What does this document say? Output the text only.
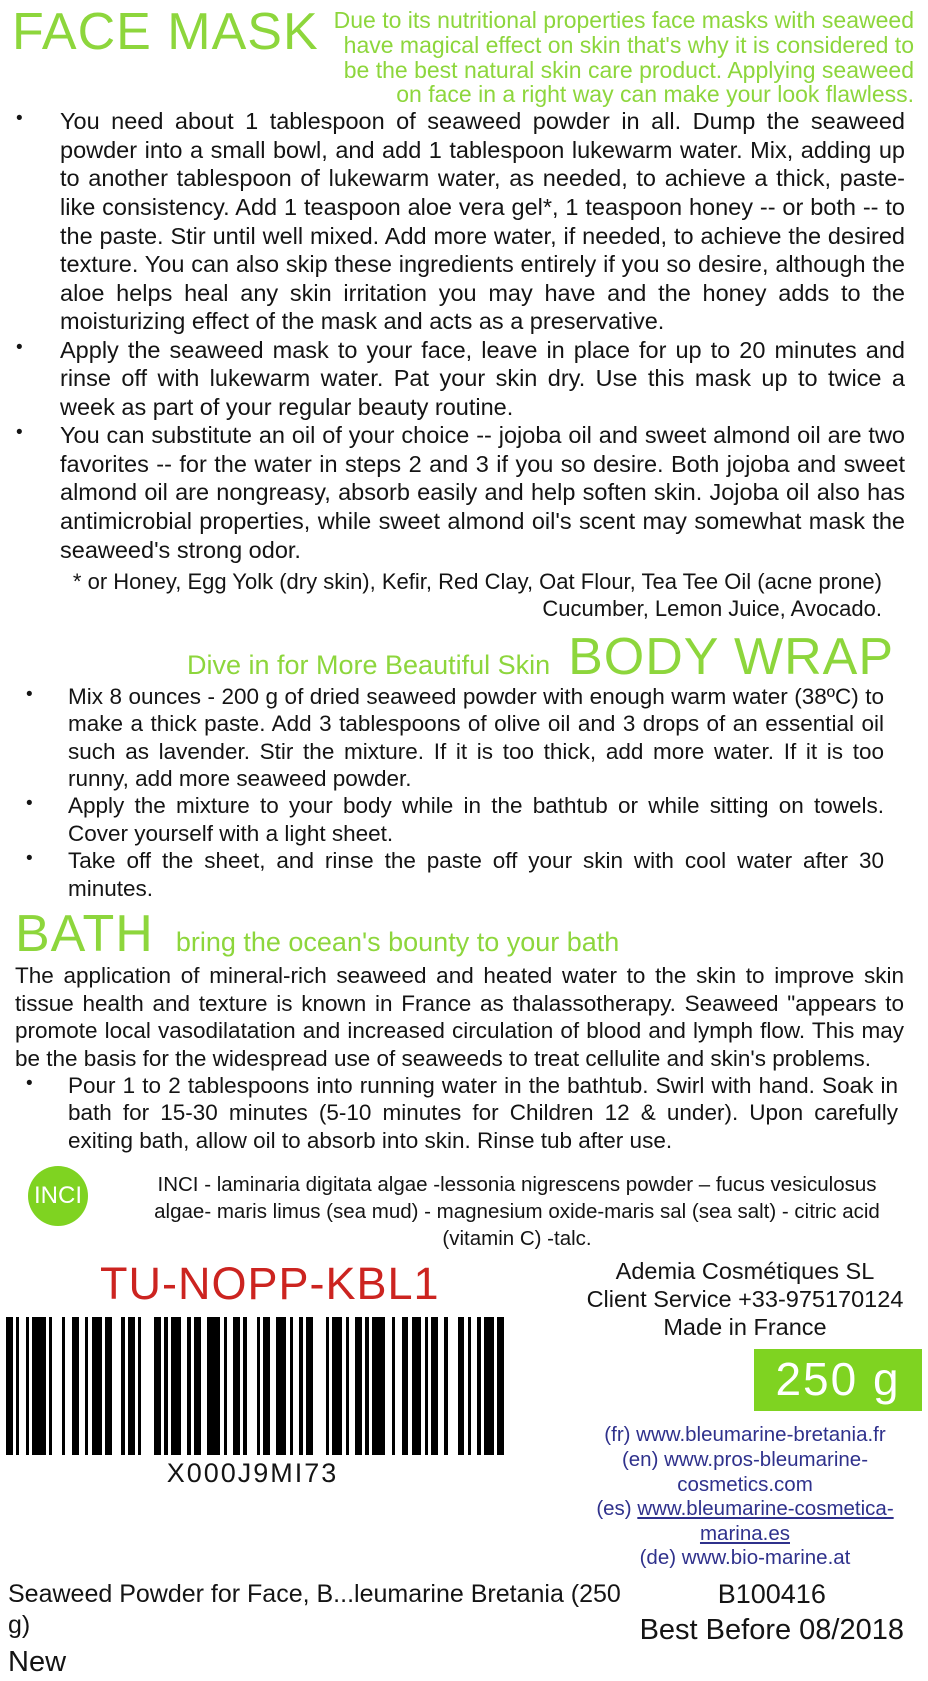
FACE MASK Due to its nutritional properties face masks with seaweed have magical effect on skin that's why it is considered to be the best natural skin care product. Applying seaweed on face in a right way can make your look flawless.
•	You need about 1 tablespoon of seaweed powder in all. Dump the seaweed powder into a small bowl, and add 1 tablespoon lukewarm water. Mix, adding up to another tablespoon of lukewarm water, as needed, to achieve a thick, paste-like consistency. Add 1 teaspoon aloe vera gel*, 1 teaspoon honey -- or both -- to the paste. Stir until well mixed. Add more water, if needed, to achieve the desired texture. You can also skip these ingredients entirely if you so desire, although the aloe helps heal any skin irritation you may have and the honey adds to the moisturizing effect of the mask and acts as a preservative.
•	Apply the seaweed mask to your face, leave in place for up to 20 minutes and rinse off with lukewarm water. Pat your skin dry. Use this mask up to twice a week as part of your regular beauty routine.
•	You can substitute an oil of your choice -- jojoba oil and sweet almond oil are two favorites -- for the water in steps 2 and 3 if you so desire. Both jojoba and sweet almond oil are nongreasy, absorb easily and help soften skin. Jojoba oil also has antimicrobial properties, while sweet almond oil's scent may somewhat mask the seaweed's strong odor.
* or Honey, Egg Yolk (dry skin), Kefir, Red Clay, Oat Flour, Tea Tee Oil (acne prone)
Cucumber, Lemon Juice, Avocado.
Dive in for More Beautiful Skin BODY WRAP
•	Mix 8 ounces - 200 g of dried seaweed powder with enough warm water (38ºC) to make a thick paste. Add 3 tablespoons of olive oil and 3 drops of an essential oil such as lavender. Stir the mixture. If it is too thick, add more water. If it is too runny, add more seaweed powder.
•	Apply the mixture to your body while in the bathtub or while sitting on towels. Cover yourself with a light sheet.
•	Take off the sheet, and rinse the paste off your skin with cool water after 30 minutes.
BATH bring the ocean's bounty to your bath
The application of mineral-rich seaweed and heated water to the skin to improve skin tissue health and texture is known in France as thalassotherapy. Seaweed "appears to promote local vasodilatation and increased circulation of blood and lymph flow. This may be the basis for the widespread use of seaweeds to treat cellulite and skin's problems.
•	Pour 1 to 2 tablespoons into running water in the bathtub. Swirl with hand. Soak in bath for 15-30 minutes (5-10 minutes for Children 12 & under). Upon carefully exiting bath, allow oil to absorb into skin. Rinse tub after use.
INCI	INCI - laminaria digitata algae -lessonia nigrescens powder – fucus vesiculosus algae- maris limus (sea mud) - magnesium oxide-maris sal (sea salt) - citric acid (vitamin C) -talc.
TU-NOPP-KBL1
X000J9MI73
Ademia Cosmétiques SL
Client Service +33-975170124
Made in France
250 g
(fr) www.bleumarine-bretania.fr
(en) www.pros-bleumarine-cosmetics.com
(es) www.bleumarine-cosmetica-marina.es
(de) www.bio-marine.at
Seaweed Powder for Face, B...leumarine Bretania (250 g)
New
B100416
Best Before 08/2018
